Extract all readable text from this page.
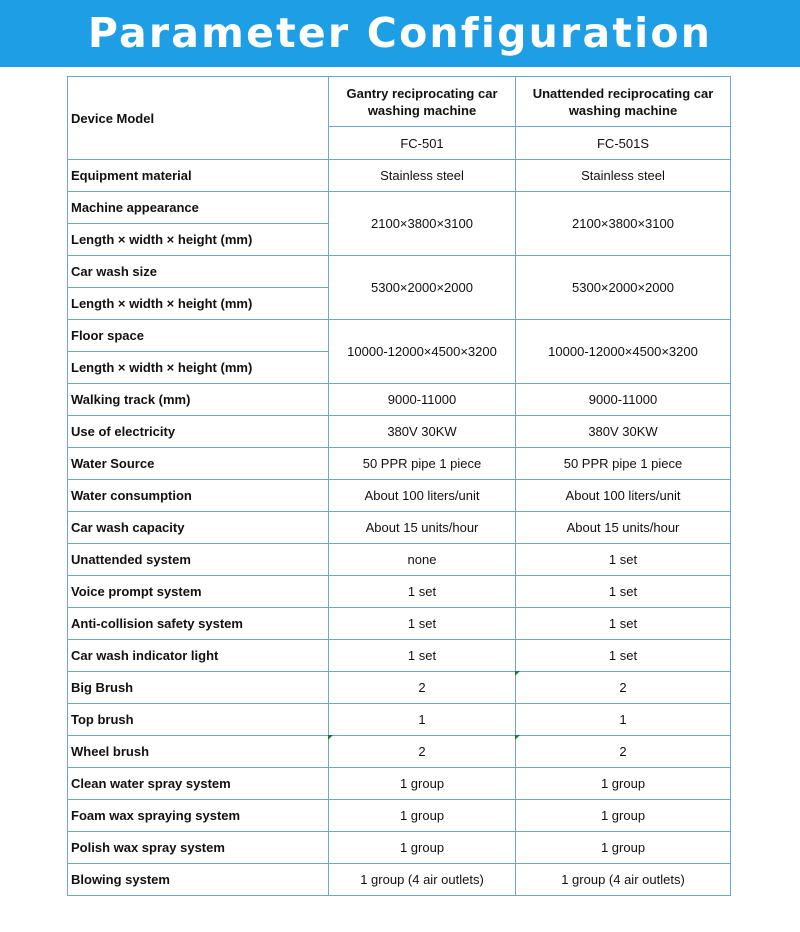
Parameter Configuration
Device Model	Gantry reciprocating car washing machine	Unattended reciprocating car washing machine
	FC-501	FC-501S
Equipment material	Stainless steel	Stainless steel
Machine appearance	2100×3800×3100	2100×3800×3100
Length × width × height (mm)		
Car wash size	5300×2000×2000	5300×2000×2000
Length × width × height (mm)		
Floor space	10000-12000×4500×3200	10000-12000×4500×3200
Length × width × height (mm)		
Walking track (mm)	9000-11000	9000-11000
Use of electricity	380V 30KW	380V 30KW
Water Source	50 PPR pipe 1 piece	50 PPR pipe 1 piece
Water consumption	About 100 liters/unit	About 100 liters/unit
Car wash capacity	About 15 units/hour	About 15 units/hour
Unattended system	none	1 set
Voice prompt system	1 set	1 set
Anti-collision safety system	1 set	1 set
Car wash indicator light	1 set	1 set
Big Brush	2	2
Top brush	1	1
Wheel brush	2	2
Clean water spray system	1 group	1 group
Foam wax spraying system	1 group	1 group
Polish wax spray system	1 group	1 group
Blowing system	1 group (4 air outlets)	1 group (4 air outlets)
